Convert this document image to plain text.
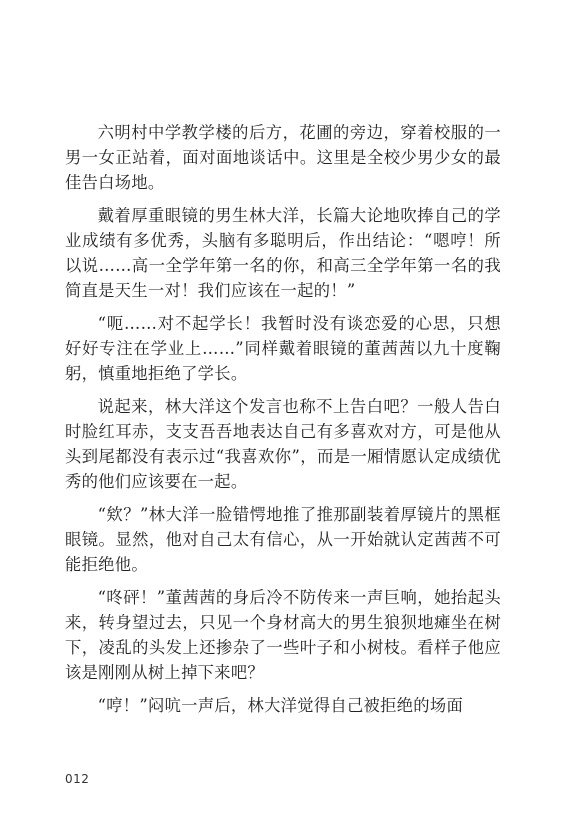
六明村中学教学楼的后方，花圃的旁边，穿着校服的一男一女正站着，面对面地谈话中。这里是全校少男少女的最佳告白场地。

戴着厚重眼镜的男生林大洋，长篇大论地吹捧自己的学业成绩有多优秀，头脑有多聪明后，作出结论：“嗯哼！所以说……高一全学年第一名的你，和高三全学年第一名的我简直是天生一对！我们应该在一起的！”

“呃……对不起学长！我暂时没有谈恋爱的心思，只想好好专注在学业上……”同样戴着眼镜的董茜茜以九十度鞠躬，慎重地拒绝了学长。

说起来，林大洋这个发言也称不上告白吧？一般人告白时脸红耳赤，支支吾吾地表达自己有多喜欢对方，可是他从头到尾都没有表示过“我喜欢你”，而是一厢情愿认定成绩优秀的他们应该要在一起。

“欸？”林大洋一脸错愕地推了推那副装着厚镜片的黑框眼镜。显然，他对自己太有信心，从一开始就认定茜茜不可能拒绝他。

“咚砰！”董茜茜的身后冷不防传来一声巨响，她抬起头来，转身望过去，只见一个身材高大的男生狼狈地瘫坐在树下，凌乱的头发上还掺杂了一些叶子和小树枝。看样子他应该是刚刚从树上掉下来吧？

“哼！”闷吭一声后，林大洋觉得自己被拒绝的场面

012
